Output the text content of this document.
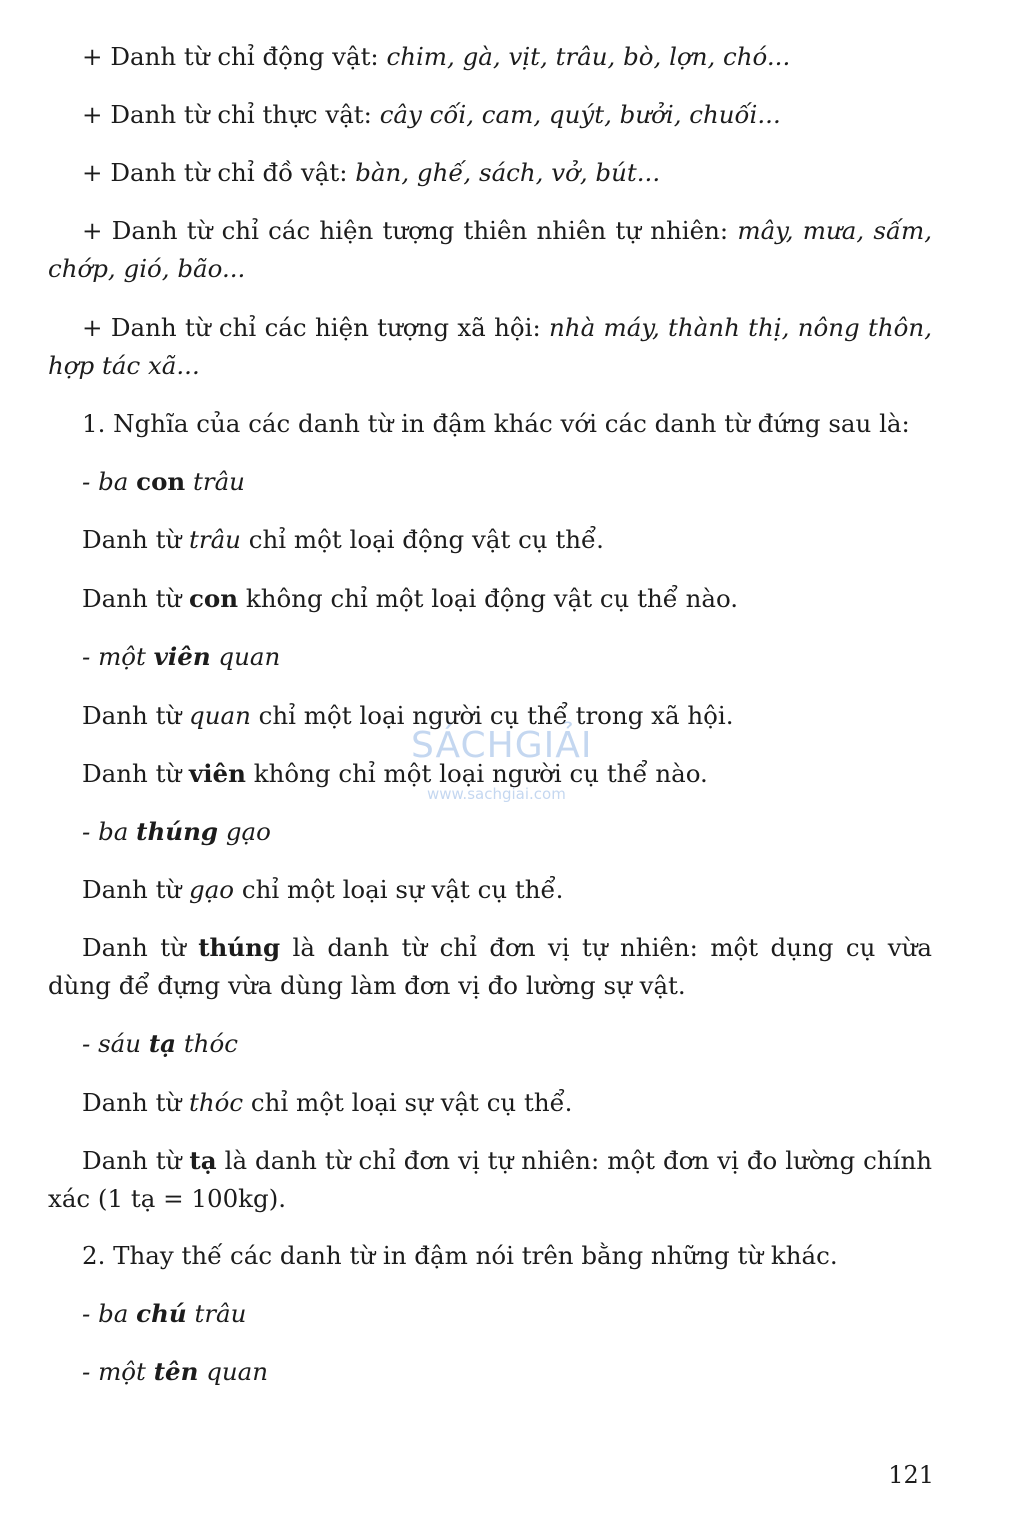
+ Danh từ chỉ động vật: chim, gà, vịt, trâu, bò, lợn, chó...

+ Danh từ chỉ thực vật: cây cối, cam, quýt, bưởi, chuối...

+ Danh từ chỉ đồ vật: bàn, ghế, sách, vở, bút...

+ Danh từ chỉ các hiện tượng thiên nhiên tự nhiên: mây, mưa, sấm, chớp, gió, bão...

+ Danh từ chỉ các hiện tượng xã hội: nhà máy, thành thị, nông thôn, hợp tác xã...

1. Nghĩa của các danh từ in đậm khác với các danh từ đứng sau là:

- ba con trâu

Danh từ trâu chỉ một loại động vật cụ thể.

Danh từ con không chỉ một loại động vật cụ thể nào.

- một viên quan

Danh từ quan chỉ một loại người cụ thể trong xã hội.

Danh từ viên không chỉ một loại người cụ thể nào.

- ba thúng gạo

Danh từ gạo chỉ một loại sự vật cụ thể.

Danh từ thúng là danh từ chỉ đơn vị tự nhiên: một dụng cụ vừa dùng để đựng vừa dùng làm đơn vị đo lường sự vật.

- sáu tạ thóc

Danh từ thóc chỉ một loại sự vật cụ thể.

Danh từ tạ là danh từ chỉ đơn vị tự nhiên: một đơn vị đo lường chính xác (1 tạ = 100kg).

2. Thay thế các danh từ in đậm nói trên bằng những từ khác.

- ba chú trâu

- một tên quan

SÁCHGIẢI
www.sachgiai.com
121
